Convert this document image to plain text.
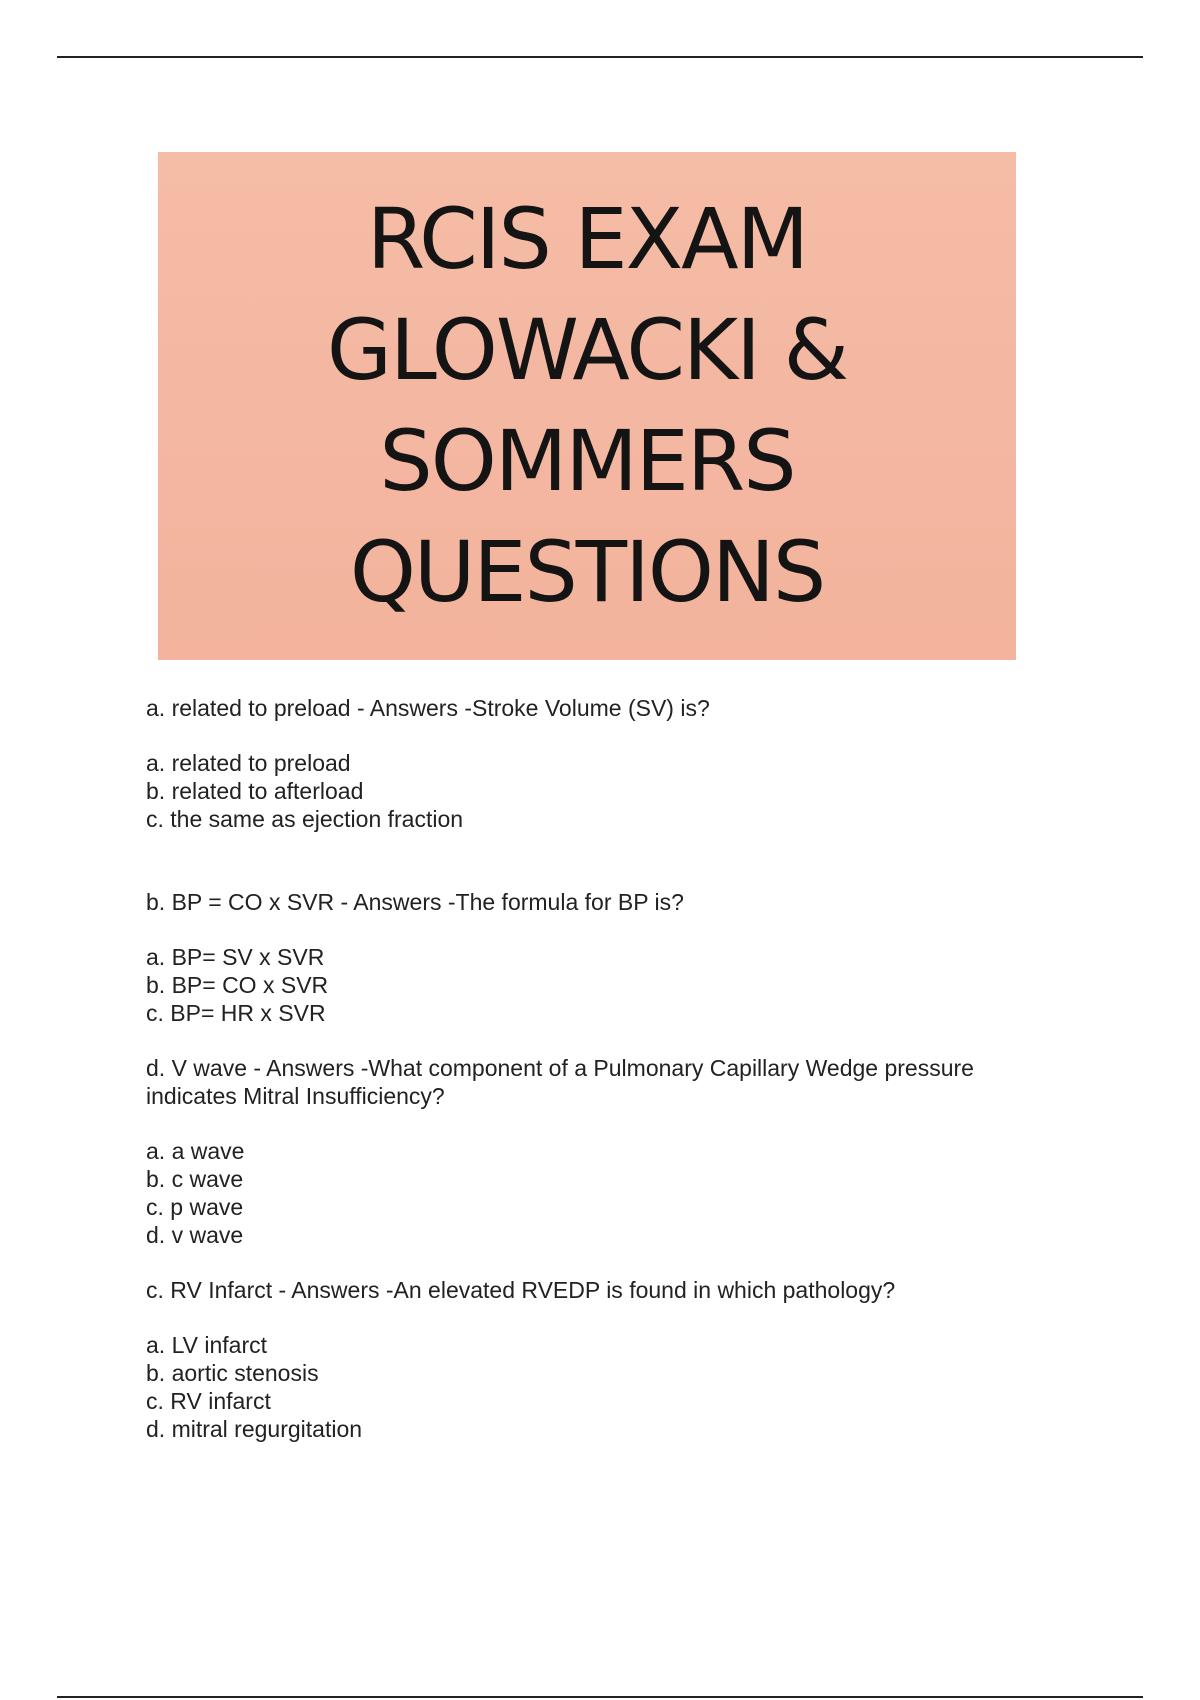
RCIS EXAM
GLOWACKI &
SOMMERS
QUESTIONS

a. related to preload - Answers -Stroke Volume (SV) is?

a. related to preload
b. related to afterload
c. the same as ejection fraction

b. BP = CO x SVR - Answers -The formula for BP is?

a. BP= SV x SVR
b. BP= CO x SVR
c. BP= HR x SVR

d. V wave - Answers -What component of a Pulmonary Capillary Wedge pressure indicates Mitral Insufficiency?

a. a wave
b. c wave
c. p wave
d. v wave

c. RV Infarct - Answers -An elevated RVEDP is found in which pathology?

a. LV infarct
b. aortic stenosis
c. RV infarct
d. mitral regurgitation
